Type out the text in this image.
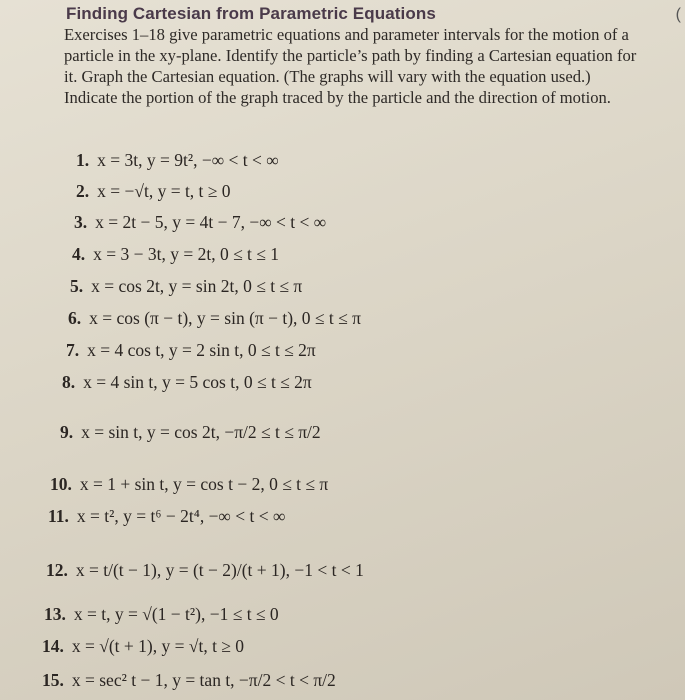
Finding Cartesian from Parametric Equations	(
Exercises 1–18 give parametric equations and parameter intervals for the motion of a particle in the xy-plane. Identify the particle’s path by finding a Cartesian equation for it. Graph the Cartesian equation. (The graphs will vary with the equation used.) Indicate the portion of the graph traced by the particle and the direction of motion.
1. x = 3t, y = 9t², −∞ < t < ∞
2. x = −√t, y = t, t ≥ 0
3. x = 2t − 5, y = 4t − 7, −∞ < t < ∞
4. x = 3 − 3t, y = 2t, 0 ≤ t ≤ 1
5. x = cos 2t, y = sin 2t, 0 ≤ t ≤ π
6. x = cos (π − t), y = sin (π − t), 0 ≤ t ≤ π
7. x = 4 cos t, y = 2 sin t, 0 ≤ t ≤ 2π
8. x = 4 sin t, y = 5 cos t, 0 ≤ t ≤ 2π
9. x = sin t, y = cos 2t, −π/2 ≤ t ≤ π/2
10. x = 1 + sin t, y = cos t − 2, 0 ≤ t ≤ π
11. x = t², y = t⁶ − 2t⁴, −∞ < t < ∞
12. x = t/(t − 1), y = (t − 2)/(t + 1), −1 < t < 1
13. x = t, y = √(1 − t²), −1 ≤ t ≤ 0
14. x = √(t + 1), y = √t, t ≥ 0
15. x = sec² t − 1, y = tan t, −π/2 < t < π/2
